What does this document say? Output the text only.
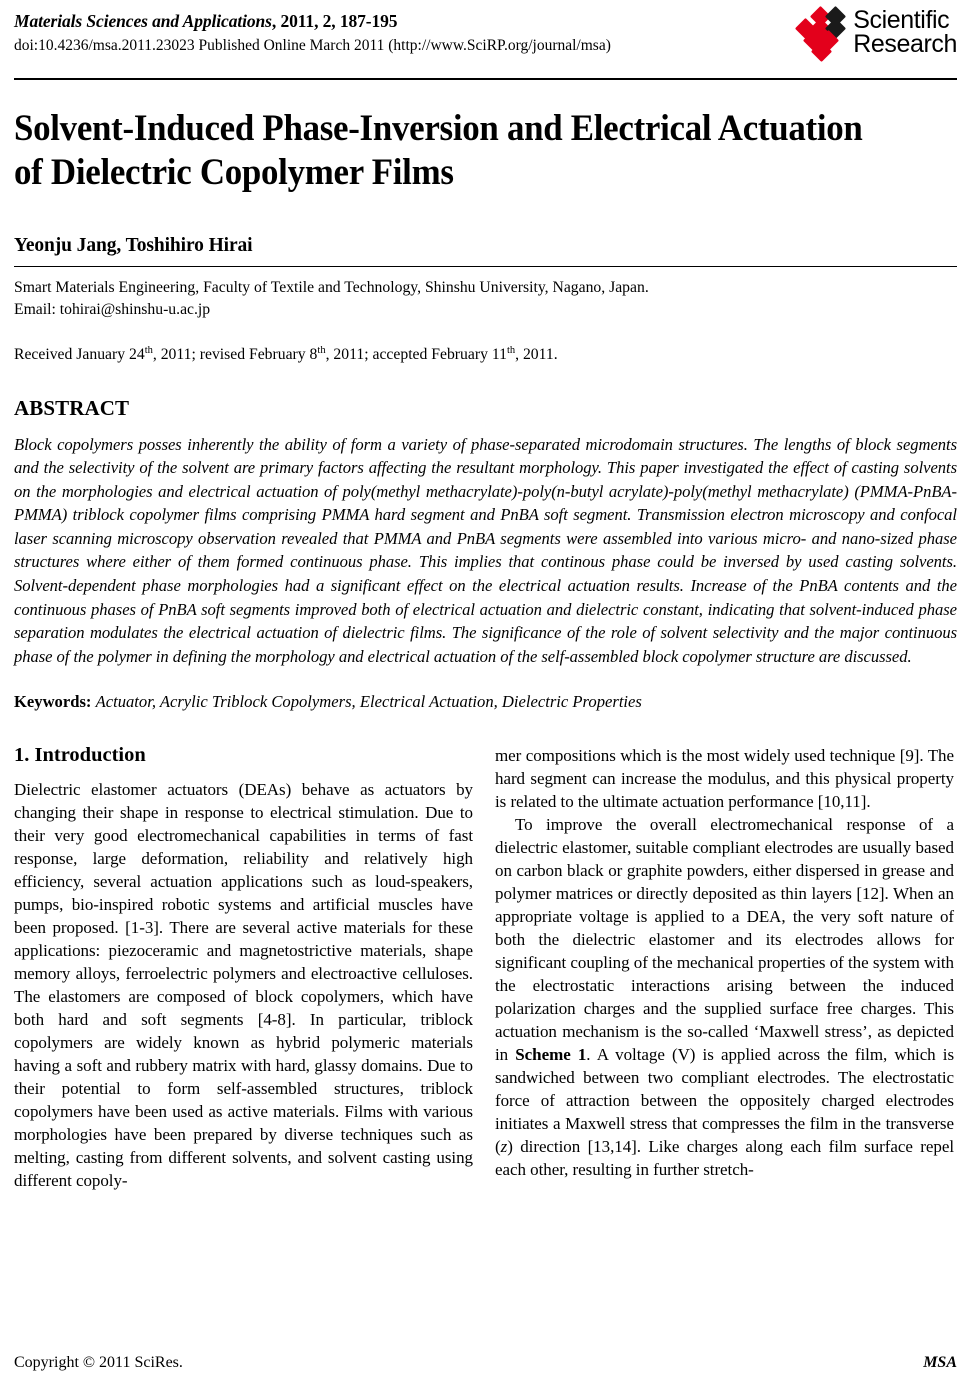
Materials Sciences and Applications, 2011, 2, 187-195
doi:10.4236/msa.2011.23023 Published Online March 2011 (http://www.SciRP.org/journal/msa)
Scientific
Research
Solvent-Induced Phase-Inversion and Electrical Actuation of Dielectric Copolymer Films
Yeonju Jang, Toshihiro Hirai
Smart Materials Engineering, Faculty of Textile and Technology, Shinshu University, Nagano, Japan.
Email: tohirai@shinshu-u.ac.jp
Received January 24th, 2011; revised February 8th, 2011; accepted February 11th, 2011.
ABSTRACT
Block copolymers posses inherently the ability of form a variety of phase-separated microdomain structures. The lengths of block segments and the selectivity of the solvent are primary factors affecting the resultant morphology. This paper investigated the effect of casting solvents on the morphologies and electrical actuation of poly(methyl methacrylate)-poly(n-butyl acrylate)-poly(methyl methacrylate) (PMMA-PnBA-PMMA) triblock copolymer films comprising PMMA hard segment and PnBA soft segment. Transmission electron microscopy and confocal laser scanning microscopy observation revealed that PMMA and PnBA segments were assembled into various micro- and nano-sized phase structures where either of them formed continuous phase. This implies that continous phase could be inversed by used casting solvents. Solvent-dependent phase morphologies had a significant effect on the electrical actuation results. Increase of the PnBA contents and the continuous phases of PnBA soft segments improved both of electrical actuation and dielectric constant, indicating that solvent-induced phase separation modulates the electrical actuation of dielectric films. The significance of the role of solvent selectivity and the major continuous phase of the polymer in defining the morphology and electrical actuation of the self-assembled block copolymer structure are discussed.
Keywords: Actuator, Acrylic Triblock Copolymers, Electrical Actuation, Dielectric Properties
1. Introduction

Dielectric elastomer actuators (DEAs) behave as actuators by changing their shape in response to electrical stimulation. Due to their very good electromechanical capabilities in terms of fast response, large deformation, reliability and relatively high efficiency, several actuation applications such as loud-speakers, pumps, bio-inspired robotic systems and artificial muscles have been proposed. [1-3]. There are several active materials for these applications: piezoceramic and magnetostrictive materials, shape memory alloys, ferroelectric polymers and electroactive celluloses. The elastomers are composed of block copolymers, which have both hard and soft segments [4-8]. In particular, triblock copolymers are widely known as hybrid polymeric materials having a soft and rubbery matrix with hard, glassy domains. Due to their potential to form self-assembled structures, triblock copolymers have been used as active materials. Films with various morphologies have been prepared by diverse techniques such as melting, casting from different solvents, and solvent casting using different copoly-

mer compositions which is the most widely used technique [9]. The hard segment can increase the modulus, and this physical property is related to the ultimate actuation performance [10,11].

To improve the overall electromechanical response of a dielectric elastomer, suitable compliant electrodes are usually based on carbon black or graphite powders, either dispersed in grease and polymer matrices or directly deposited as thin layers [12]. When an appropriate voltage is applied to a DEA, the very soft nature of both the dielectric elastomer and its electrodes allows for significant coupling of the mechanical properties of the system with the electrostatic interactions arising between the induced polarization charges and the supplied surface free charges. This actuation mechanism is the so-called ‘Maxwell stress’, as depicted in Scheme 1. A voltage (V) is applied across the film, which is sandwiched between two compliant electrodes. The electrostatic force of attraction between the oppositely charged electrodes initiates a Maxwell stress that compresses the film in the transverse (z) direction [13,14]. Like charges along each film surface repel each other, resulting in further stretch-

Copyright © 2011 SciRes.	MSA
